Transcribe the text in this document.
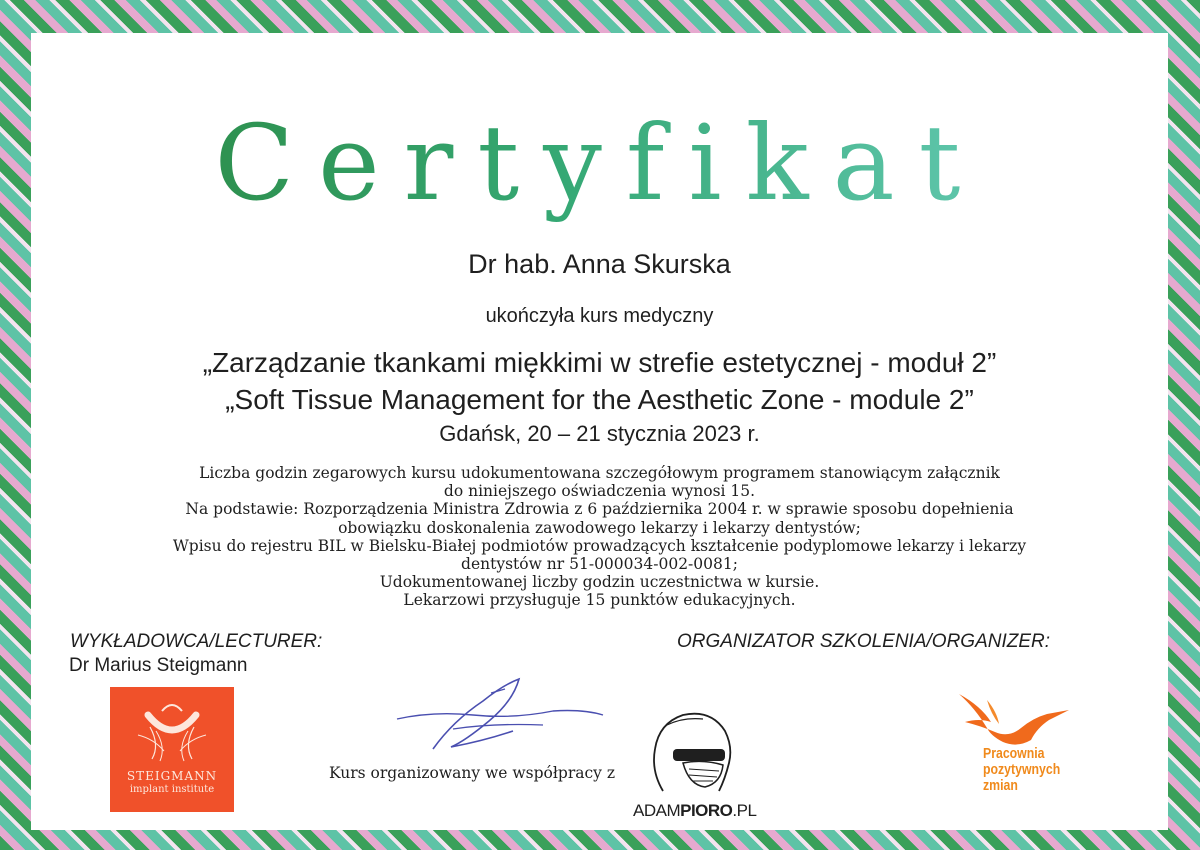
Certyfikat
Dr hab. Anna Skurska
ukończyła kurs medyczny
„Zarządzanie tkankami miękkimi w strefie estetycznej - moduł 2”
„Soft Tissue Management for the Aesthetic Zone - module 2”
Gdańsk, 20 – 21 stycznia 2023 r.
Liczba godzin zegarowych kursu udokumentowana szczegółowym programem stanowiącym załącznik
do niniejszego oświadczenia wynosi 15.
Na podstawie: Rozporządzenia Ministra Zdrowia z 6 października 2004 r. w sprawie sposobu dopełnienia
obowiązku doskonalenia zawodowego lekarzy i lekarzy dentystów;
Wpisu do rejestru BIL w Bielsku-Białej podmiotów prowadzących kształcenie podyplomowe lekarzy i lekarzy
dentystów nr 51-000034-002-0081;
Udokumentowanej liczby godzin uczestnictwa w kursie.
Lekarzowi przysługuje 15 punktów edukacyjnych.
WYKŁADOWCA/LECTURER:
Dr Marius Steigmann
ORGANIZATOR SZKOLENIA/ORGANIZER:
STEIGMANN
implant institute
Kurs organizowany we współpracy z
ADAMPIORO.PL
Pracownia
pozytywnych
zmian
